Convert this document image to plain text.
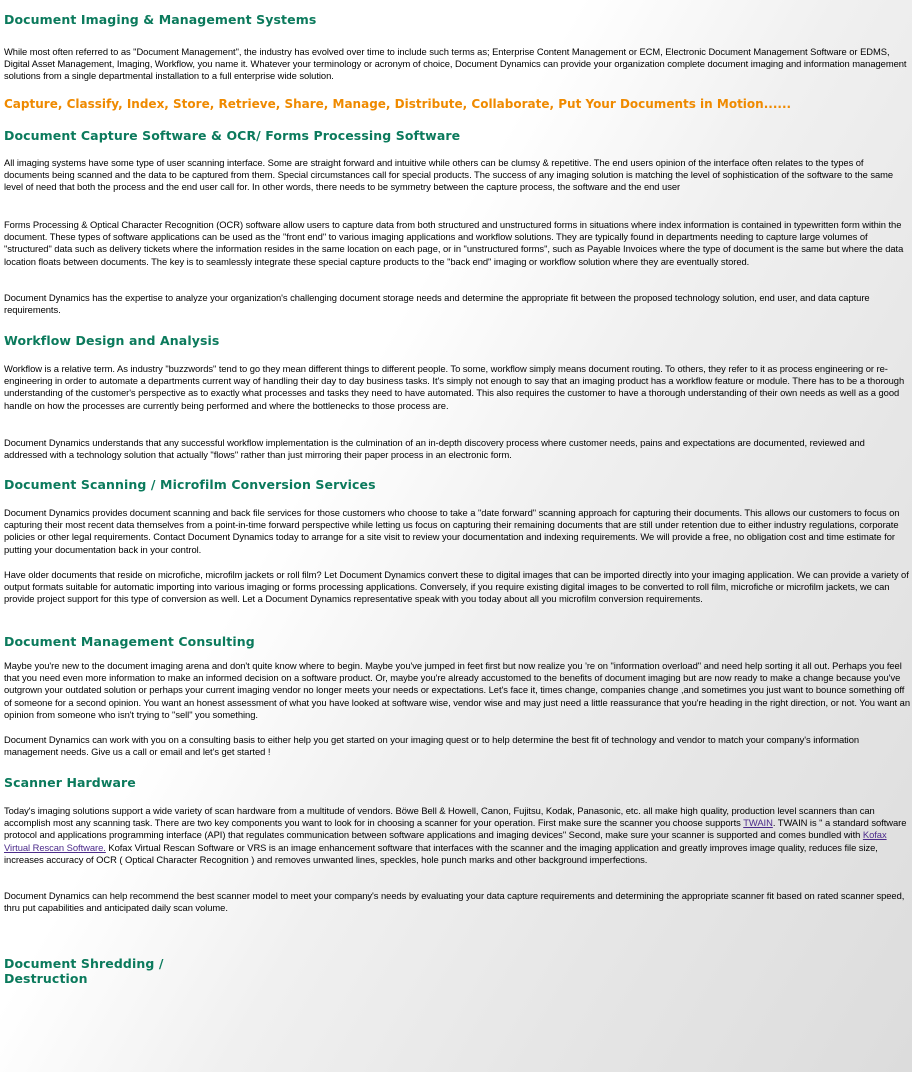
Document Imaging & Management Systems

While most often referred to as "Document Management", the industry has evolved over time to include such terms as; Enterprise Content Management or ECM, Electronic Document Management Software or EDMS, Digital Asset Management, Imaging, Workflow, you name it. Whatever your terminology or acronym of choice, Document Dynamics can provide your organization complete document imaging and information management solutions from a single departmental installation to a full enterprise wide solution.

Capture, Classify, Index, Store, Retrieve, Share, Manage, Distribute, Collaborate, Put Your Documents in Motion......
Document Capture Software & OCR/ Forms Processing Software

All imaging systems have some type of user scanning interface. Some are straight forward and intuitive while others can be clumsy & repetitive. The end users opinion of the interface often relates to the types of documents being scanned and the data to be captured from them. Special circumstances call for special products. The success of any imaging solution is matching the level of sophistication of the software to the same level of need that both the process and the end user call for. In other words, there needs to be symmetry between the capture process, the software and the end user

Forms Processing & Optical Character Recognition (OCR) software allow users to capture data from both structured and unstructured forms in situations where index information is contained in typewritten form within the document. These types of software applications can be used as the "front end" to various imaging applications and workflow solutions. They are typically found in departments needing to capture large volumes of "structured" data such as delivery tickets where the information resides in the same location on each page, or in "unstructured forms", such as Payable Invoices where the type of document is the same but where the data location floats between documents. The key is to seamlessly integrate these special capture products to the "back end" imaging or workflow solution where they are eventually stored.

Document Dynamics has the expertise to analyze your organization's challenging document storage needs and determine the appropriate fit between the proposed technology solution, end user, and data capture requirements.

Workflow Design and Analysis

Workflow is a relative term. As industry "buzzwords" tend to go they mean different things to different people. To some, workflow simply means document routing. To others, they refer to it as process engineering or re-engineering in order to automate a departments current way of handling their day to day business tasks. It's simply not enough to say that an imaging product has a workflow feature or module. There has to be a thorough understanding of the customer's perspective as to exactly what processes and tasks they need to have automated. This also requires the customer to have a thorough understanding of their own needs as well as a good handle on how the processes are currently being performed and where the bottlenecks to those process are.

Document Dynamics understands that any successful workflow implementation is the culmination of an in-depth discovery process where customer needs, pains and expectations are documented, reviewed and addressed with a technology solution that actually "flows" rather than just mirroring their paper process in an electronic form.

Document Scanning / Microfilm Conversion Services

Document Dynamics provides document scanning and back file services for those customers who choose to take a "date forward" scanning approach for capturing their documents. This allows our customers to focus on capturing their most recent data themselves from a point-in-time forward perspective while letting us focus on capturing their remaining documents that are still under retention due to either industry regulations, corporate policies or other legal requirements. Contact Document Dynamics today to arrange for a site visit to review your documentation and indexing requirements. We will provide a free, no obligation cost and time estimate for putting your documentation back in your control.

Have older documents that reside on microfiche, microfilm jackets or roll film? Let Document Dynamics convert these to digital images that can be imported directly into your imaging application. We can provide a variety of output formats suitable for automatic importing into various imaging or forms processing applications. Conversely, if you require existing digital images to be converted to roll film, microfiche or microfilm jackets, we can provide project support for this type of conversion as well. Let a Document Dynamics representative speak with you today about all you microfilm conversion requirements.

Document Management Consulting

Maybe you're new to the document imaging arena and don't quite know where to begin. Maybe you've jumped in feet first but now realize you 're on "information overload" and need help sorting it all out. Perhaps you feel that you need even more information to make an informed decision on a software product. Or, maybe you're already accustomed to the benefits of document imaging but are now ready to make a change because you've outgrown your outdated solution or perhaps your current imaging vendor no longer meets your needs or expectations. Let's face it, times change, companies change ,and sometimes you just want to bounce something off of someone for a second opinion. You want an honest assessment of what you have looked at software wise, vendor wise and may just need a little reassurance that you're heading in the right direction, or not. You want an opinion from someone who isn't trying to "sell" you something.

Document Dynamics can work with you on a consulting basis to either help you get started on your imaging quest or to help determine the best fit of technology and vendor to match your company's information management needs. Give us a call or email and let's get started !

Scanner Hardware

Today's imaging solutions support a wide variety of scan hardware from a multitude of vendors. Böwe Bell & Howell, Canon, Fujitsu, Kodak, Panasonic, etc. all make high quality, production level scanners than can accomplish most any scanning task. There are two key components you want to look for in choosing a scanner for your operation. First make sure the scanner you choose supports TWAIN. TWAIN is " a standard software protocol and applications programming interface (API) that regulates communication between software applications and imaging devices" Second, make sure your scanner is supported and comes bundled with Kofax Virtual Rescan Software. Kofax Virtual Rescan Software or VRS is an image enhancement software that interfaces with the scanner and the imaging application and greatly improves image quality, reduces file size, increases accuracy of OCR ( Optical Character Recognition ) and removes unwanted lines, speckles, hole punch marks and other background imperfections.

Document Dynamics can help recommend the best scanner model to meet your company's needs by evaluating your data capture requirements and determining the appropriate scanner fit based on rated scanner speed, thru put capabilities and anticipated daily scan volume.

Document Shredding /
Destruction
